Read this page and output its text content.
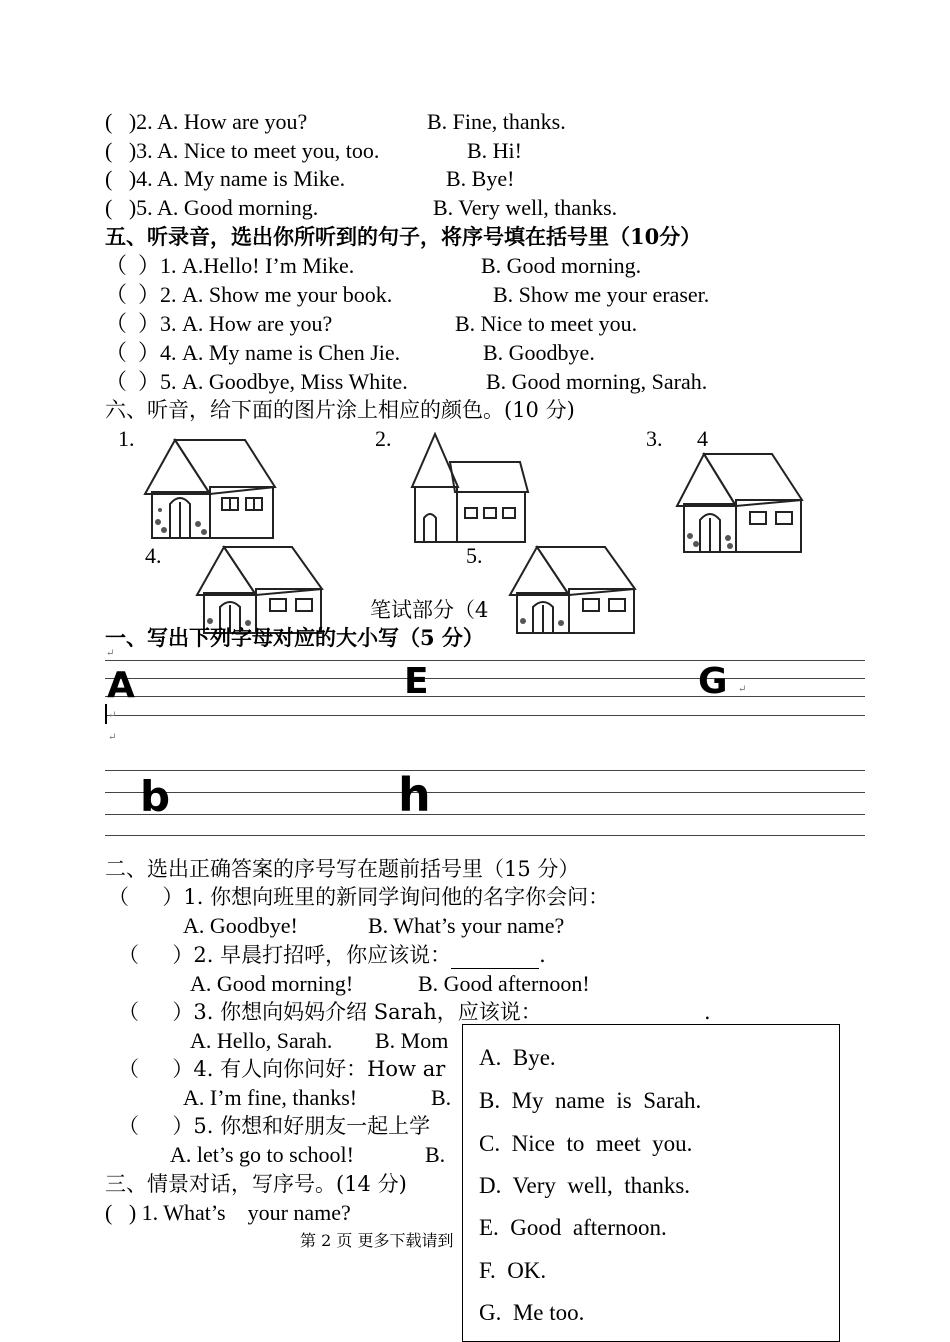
(   )2. A. How are you?	B. Fine, thanks.
(   )3. A. Nice to meet you, too.	B. Hi!
(   )4. A. My name is Mike.	B. Bye!
(   )5. A. Good morning.	B. Very well, thanks.
五、听录音，选出你所听到的句子，将序号填在括号里（10分）
（  ）1. A.Hello! I’m Mike.	B. Good morning.
（  ）2. A. Show me your book.	B. Show me your eraser.
（  ）3. A. How are you?	B. Nice to meet you.
（  ）4. A. My name is Chen Jie.	B. Goodbye.
（  ）5. A. Goodbye, Miss White.	B. Good morning, Sarah.
六、听音，给下面的图片涂上相应的颜色。(10 分)
1.	2.	3. 4
4.	5.
笔试部分（4
一、写出下列字母对应的大小写（5 分）
A	E	G
↵
↵
↵
↵
b	h
二、选出正确答案的序号写在题前括号里（15 分）
（     ）1. 你想向班里的新同学询问他的名字你会问：
A. Goodbye!	B. What’s your name?
（     ）2. 早晨打招呼，你应该说：	.
A. Good morning!	B. Good afternoon!
（     ）3. 你想向妈妈介绍 Sarah，应该说：	.
A. Hello, Sarah. B. Mom
（     ）4. 有人向你问好：How ar
A. I’m fine, thanks!	B.
（     ）5. 你想和好朋友一起上学
A. let’s go to school!	B.
三、情景对话，写序号。(14 分)
(   ) 1. What’s    your name?
第 2 页 更多下载请到
A.  Bye.
B.  My  name  is  Sarah.
C.  Nice  to  meet  you.
D.  Very  well,  thanks.
E.  Good  afternoon.
F.  OK.
G.  Me too.
